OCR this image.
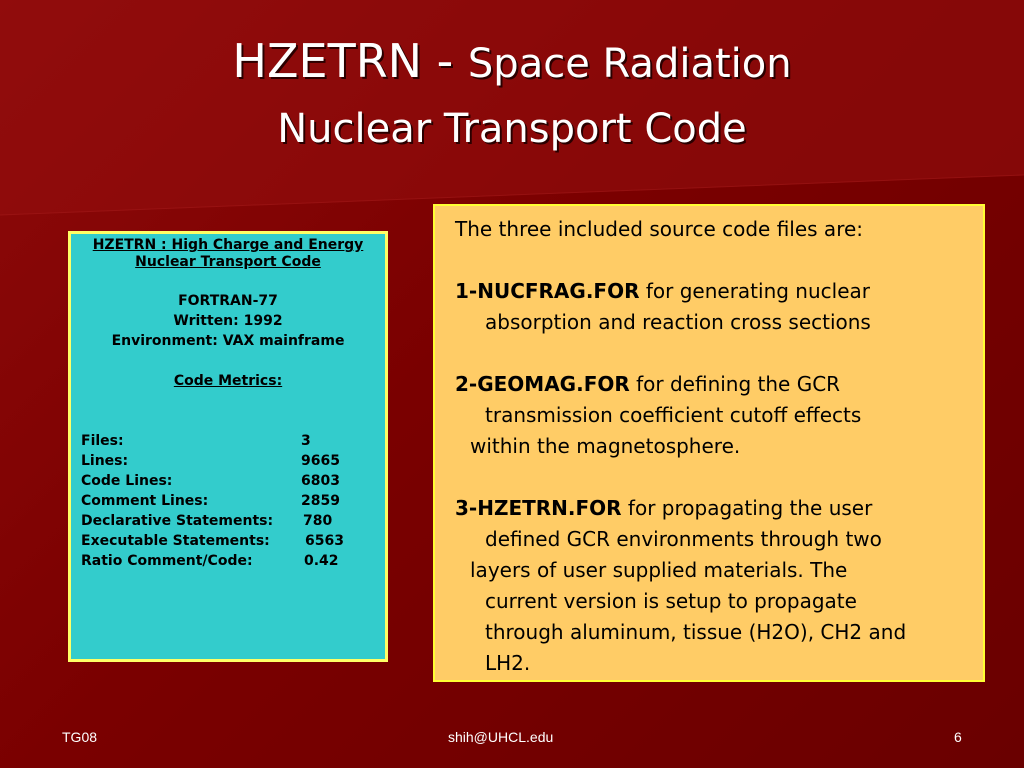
HZETRN - Space Radiation
Nuclear Transport Code
HZETRN : High Charge and Energy
Nuclear Transport Code
FORTRAN-77
Written: 1992
Environment: VAX mainframe
Code Metrics:
Files:	3
Lines:	9665
Code Lines:	6803
Comment Lines:	2859
Declarative Statements: 780
Executable Statements:	6563
Ratio Comment/Code:	0.42

The three included source code files are:

1-NUCFRAG.FOR for generating nuclear
absorption and reaction cross sections
2-GEOMAG.FOR for defining the GCR
transmission coefficient cutoff effects
within the magnetosphere.
3-HZETRN.FOR for propagating the user
defined GCR environments through two
layers of user supplied materials. The
current version is setup to propagate
through aluminum, tissue (H2O), CH2 and
LH2.
TG08	shih@UHCL.edu	6
